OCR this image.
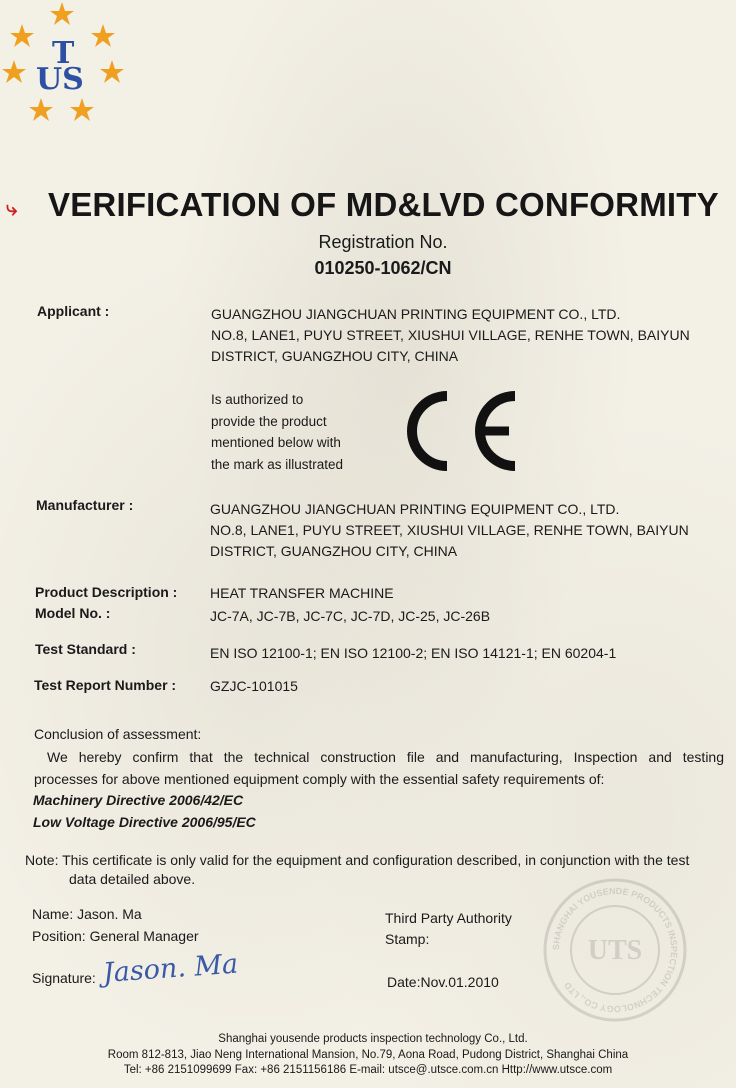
T
US
⤷ VERIFICATION OF MD&LVD CONFORMITY
Registration No.
010250-1062/CN
Applicant :	GUANGZHOU JIANGCHUAN PRINTING EQUIPMENT CO., LTD.
NO.8, LANE1, PUYU STREET, XIUSHUI VILLAGE, RENHE TOWN, BAIYUN
DISTRICT, GUANGZHOU CITY, CHINA
Is authorized to
provide the product
mentioned below with
the mark as illustrated
Manufacturer :	GUANGZHOU JIANGCHUAN PRINTING EQUIPMENT CO., LTD.
NO.8, LANE1, PUYU STREET, XIUSHUI VILLAGE, RENHE TOWN, BAIYUN
DISTRICT, GUANGZHOU CITY, CHINA
Product Description : HEAT TRANSFER MACHINE
Model No. :	JC-7A, JC-7B, JC-7C, JC-7D, JC-25, JC-26B
Test Standard :	EN ISO 12100-1; EN ISO 12100-2; EN ISO 14121-1; EN 60204-1
Test Report Number : GZJC-101015
Conclusion of assessment:
We hereby confirm that the technical construction file and manufacturing, Inspection and testing
processes for above mentioned equipment comply with the essential safety requirements of:
Machinery Directive 2006/42/EC
Low Voltage Directive 2006/95/EC
Note: This certificate is only valid for the equipment and configuration described, in conjunction with the test
data detailed above.
Name: Jason. Ma
Position: General Manager
Signature: Jason. Ma
Third Party Authority
Stamp:
Date:Nov.01.2010
SHANGHAI YOUSENDE PRODUCTS INSPECTION TECHNOLOGY CO., LTD
UTS
Shanghai yousende products inspection technology Co., Ltd.
Room 812-813, Jiao Neng International Mansion, No.79, Aona Road, Pudong District, Shanghai China
Tel: +86 2151099699 Fax: +86 2151156186 E-mail: utsce@.utsce.com.cn Http://www.utsce.com
